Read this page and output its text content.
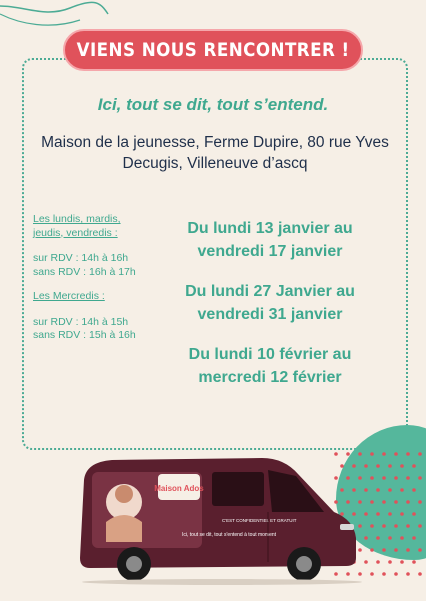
VIENS NOUS RENCONTRER !
Ici, tout se dit, tout s’entend.
Maison de la jeunesse, Ferme Dupire, 80 rue Yves
Decugis, Villeneuve d’ascq
Les lundis, mardis,
jeudis, vendredis :
sur RDV : 14h à 16h
sans RDV : 16h à 17h
Les Mercredis :
sur RDV : 14h à 15h
sans RDV : 15h à 16h
Du lundi 13 janvier au
vendredi 17 janvier
Du lundi 27 Janvier au
vendredi 31 janvier
Du lundi 10 février au
mercredi 12 février
Maison Ados
Ici, tout se dit, tout s'entend à tout moment
C'EST CONFIDENTIEL ET GRATUIT
